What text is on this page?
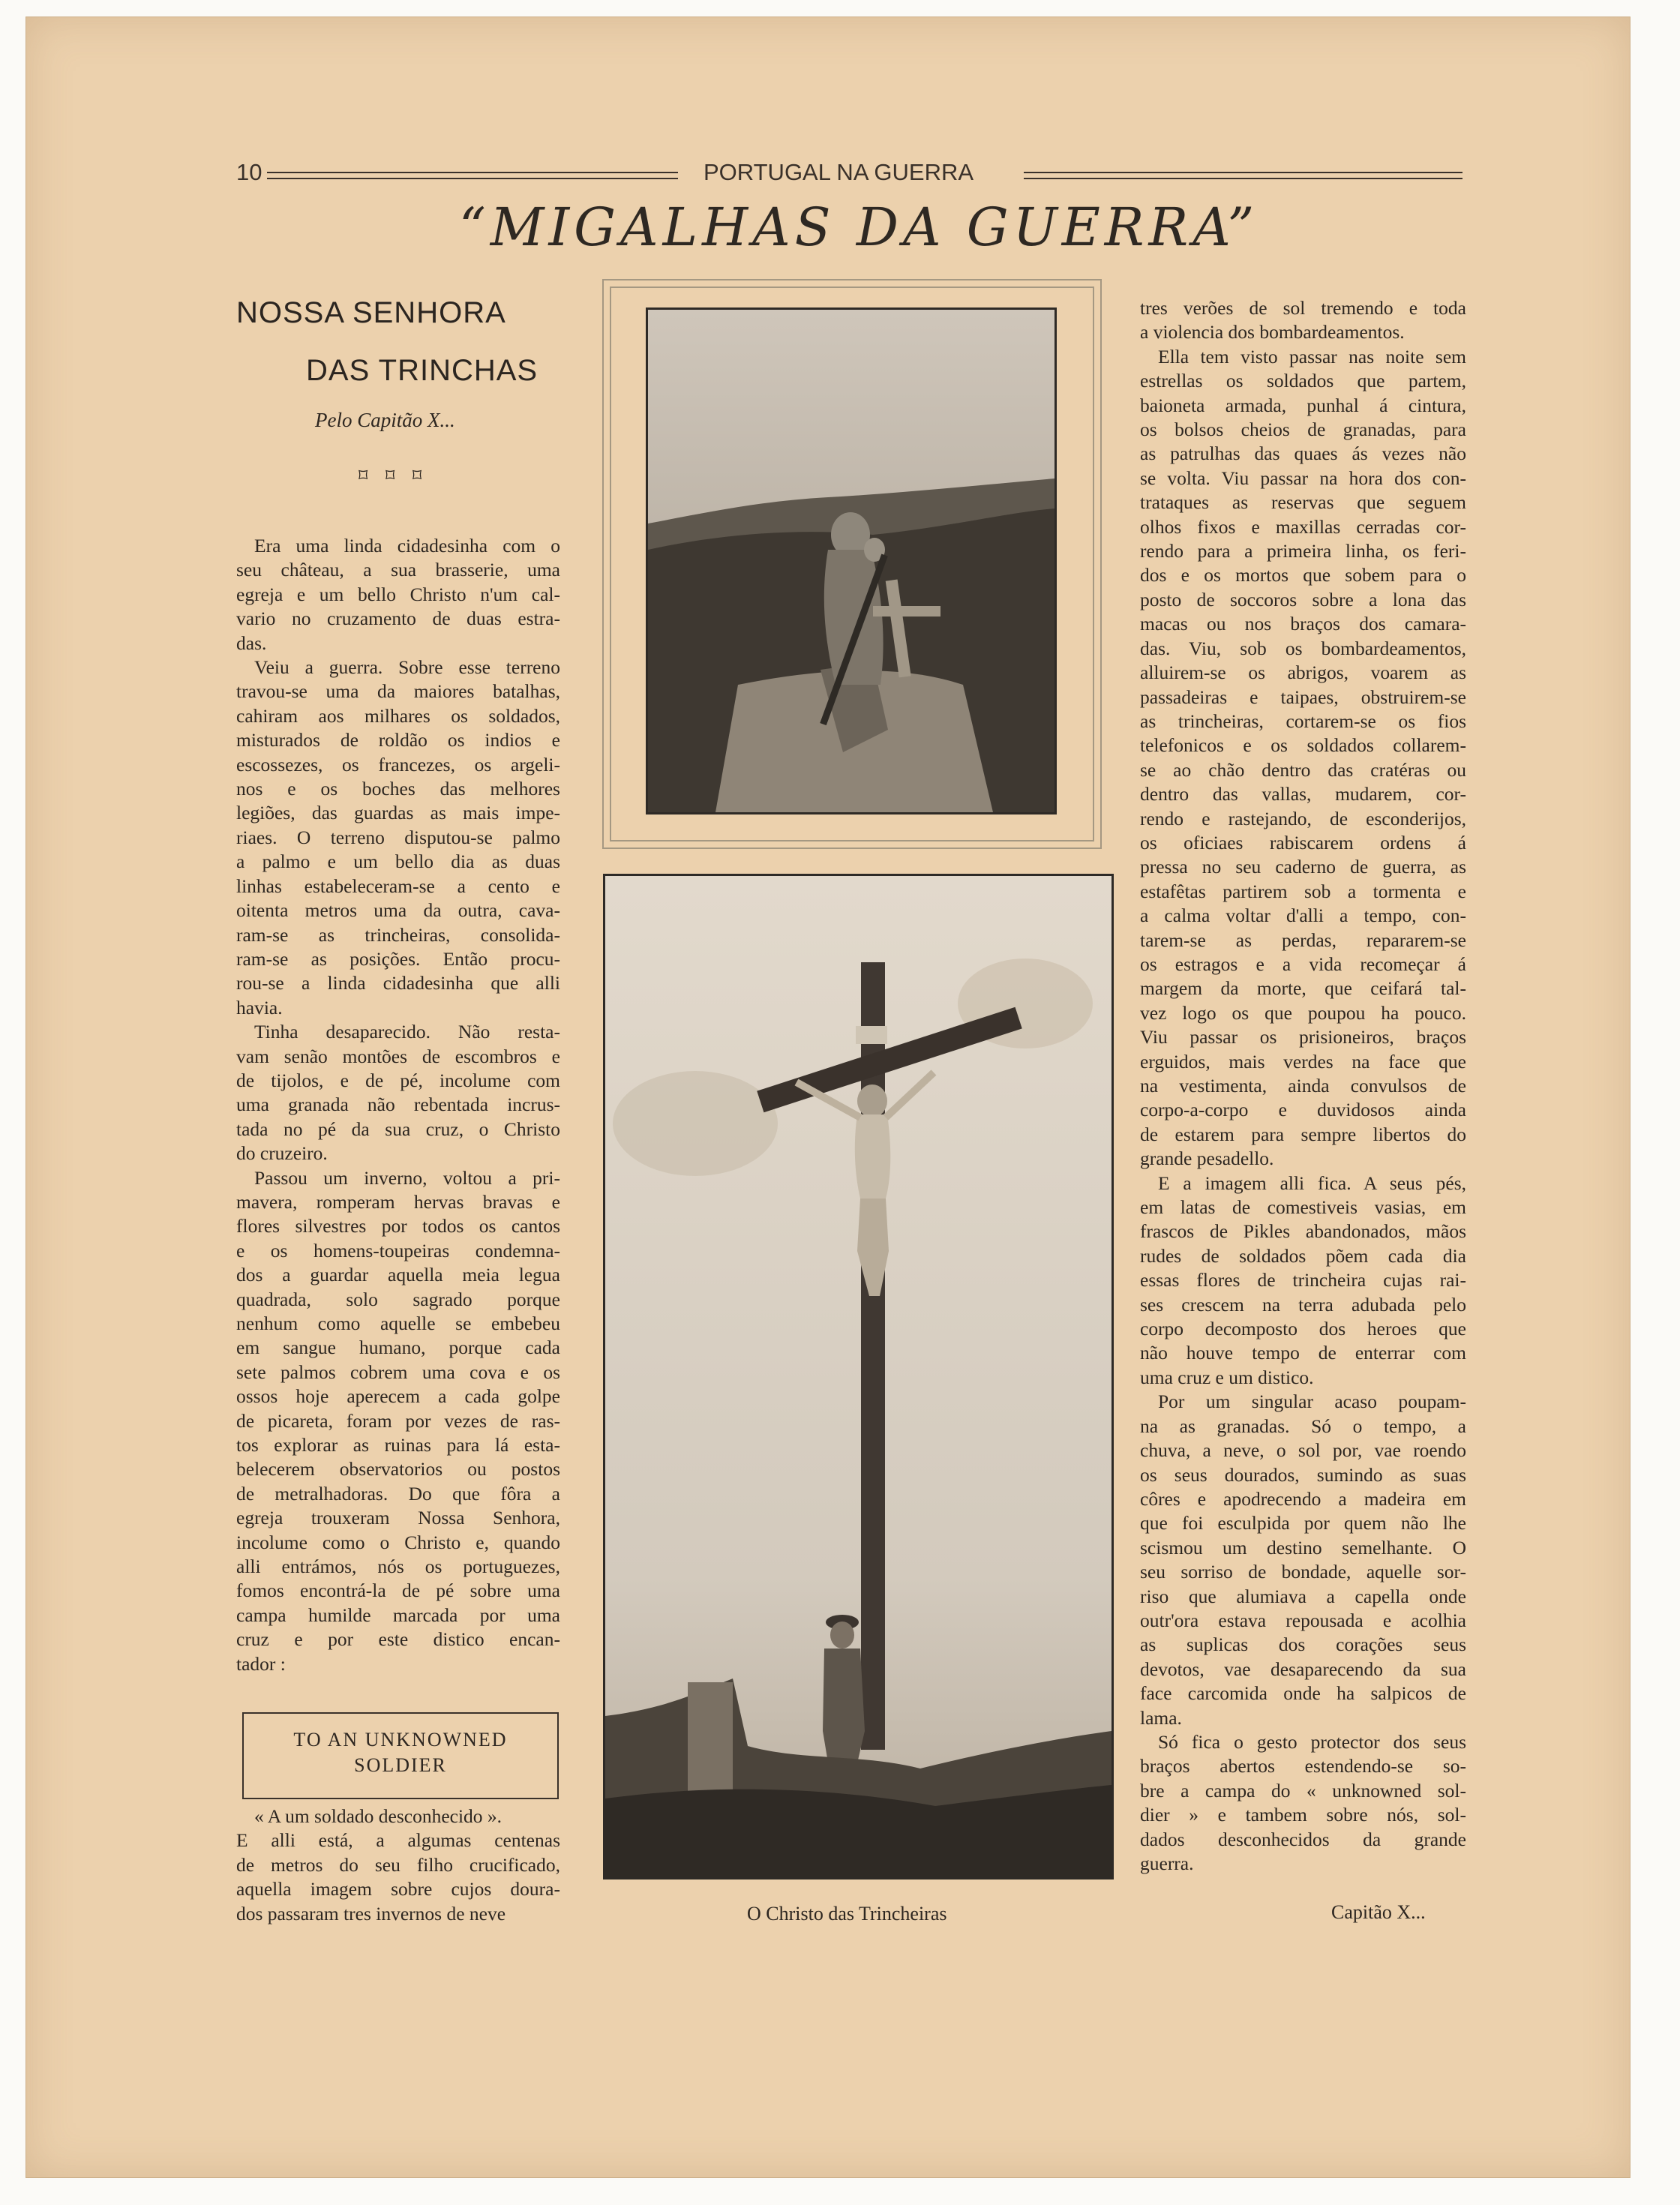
10	PORTUGAL NA GUERRA
“MIGALHAS DA GUERRA”
NOSSA SENHORA
DAS TRINCHAS
Pelo Capitão X...
⌑ ⌑ ⌑
Era uma linda cidadesinha com o
seu château, a sua brasserie, uma
egreja e um bello Christo n'um cal-
vario no cruzamento de duas estra-
das.
Veiu a guerra. Sobre esse terreno
travou-se uma da maiores batalhas,
cahiram aos milhares os soldados,
misturados de roldão os indios e
escossezes, os francezes, os argeli-
nos e os boches das melhores
legiões, das guardas as mais impe-
riaes. O terreno disputou-se palmo
a palmo e um bello dia as duas
linhas estabeleceram-se a cento e
oitenta metros uma da outra, cava-
ram-se as trincheiras, consolida-
ram-se as posições. Então procu-
rou-se a linda cidadesinha que alli
havia.
Tinha desaparecido. Não resta-
vam senão montões de escombros e
de tijolos, e de pé, incolume com
uma granada não rebentada incrus-
tada no pé da sua cruz, o Christo
do cruzeiro.
Passou um inverno, voltou a pri-
mavera, romperam hervas bravas e
flores silvestres por todos os cantos
e os homens-toupeiras condemna-
dos a guardar aquella meia legua
quadrada, solo sagrado porque
nenhum como aquelle se embebeu
em sangue humano, porque cada
sete palmos cobrem uma cova e os
ossos hoje aperecem a cada golpe
de picareta, foram por vezes de ras-
tos explorar as ruinas para lá esta-
belecerem observatorios ou postos
de metralhadoras. Do que fôra a
egreja trouxeram Nossa Senhora,
incolume como o Christo e, quando
alli entrámos, nós os portuguezes,
fomos encontrá-la de pé sobre uma
campa humilde marcada por uma
cruz e por este distico encan-
tador :
TO AN UNKNOWNED
SOLDIER
« A um soldado desconhecido ».
E alli está, a algumas centenas
de metros do seu filho crucificado,
aquella imagem sobre cujos doura-
dos passaram tres invernos de neve	O Christo das Trincheiras
tres verões de sol tremendo e toda
a violencia dos bombardeamentos.
Ella tem visto passar nas noite sem
estrellas os soldados que partem,
baioneta armada, punhal á cintura,
os bolsos cheios de granadas, para
as patrulhas das quaes ás vezes não
se volta. Viu passar na hora dos con-
trataques as reservas que seguem
olhos fixos e maxillas cerradas cor-
rendo para a primeira linha, os feri-
dos e os mortos que sobem para o
posto de soccoros sobre a lona das
macas ou nos braços dos camara-
das. Viu, sob os bombardeamentos,
alluirem-se os abrigos, voarem as
passadeiras e taipaes, obstruirem-se
as trincheiras, cortarem-se os fios
telefonicos e os soldados collarem-
se ao chão dentro das cratéras ou
dentro das vallas, mudarem, cor-
rendo e rastejando, de esconderijos,
os oficiaes rabiscarem ordens á
pressa no seu caderno de guerra, as
estafêtas partirem sob a tormenta e
a calma voltar d'alli a tempo, con-
tarem-se as perdas, repararem-se
os estragos e a vida recomeçar á
margem da morte, que ceifará tal-
vez logo os que poupou ha pouco.
Viu passar os prisioneiros, braços
erguidos, mais verdes na face que
na vestimenta, ainda convulsos de
corpo-a-corpo e duvidosos ainda
de estarem para sempre libertos do
grande pesadello.
E a imagem alli fica. A seus pés,
em latas de comestiveis vasias, em
frascos de Pikles abandonados, mãos
rudes de soldados põem cada dia
essas flores de trincheira cujas rai-
ses crescem na terra adubada pelo
corpo decomposto dos heroes que
não houve tempo de enterrar com
uma cruz e um distico.
Por um singular acaso poupam-
na as granadas. Só o tempo, a
chuva, a neve, o sol por, vae roendo
os seus dourados, sumindo as suas
côres e apodrecendo a madeira em
que foi esculpida por quem não lhe
scismou um destino semelhante. O
seu sorriso de bondade, aquelle sor-
riso que alumiava a capella onde
outr'ora estava repousada e acolhia
as suplicas dos corações seus
devotos, vae desaparecendo da sua
face carcomida onde ha salpicos de
lama.
Só fica o gesto protector dos seus
braços abertos estendendo-se so-
bre a campa do « unknowned sol-
dier » e tambem sobre nós, sol-
dados desconhecidos da grande
guerra.
Capitão X...
